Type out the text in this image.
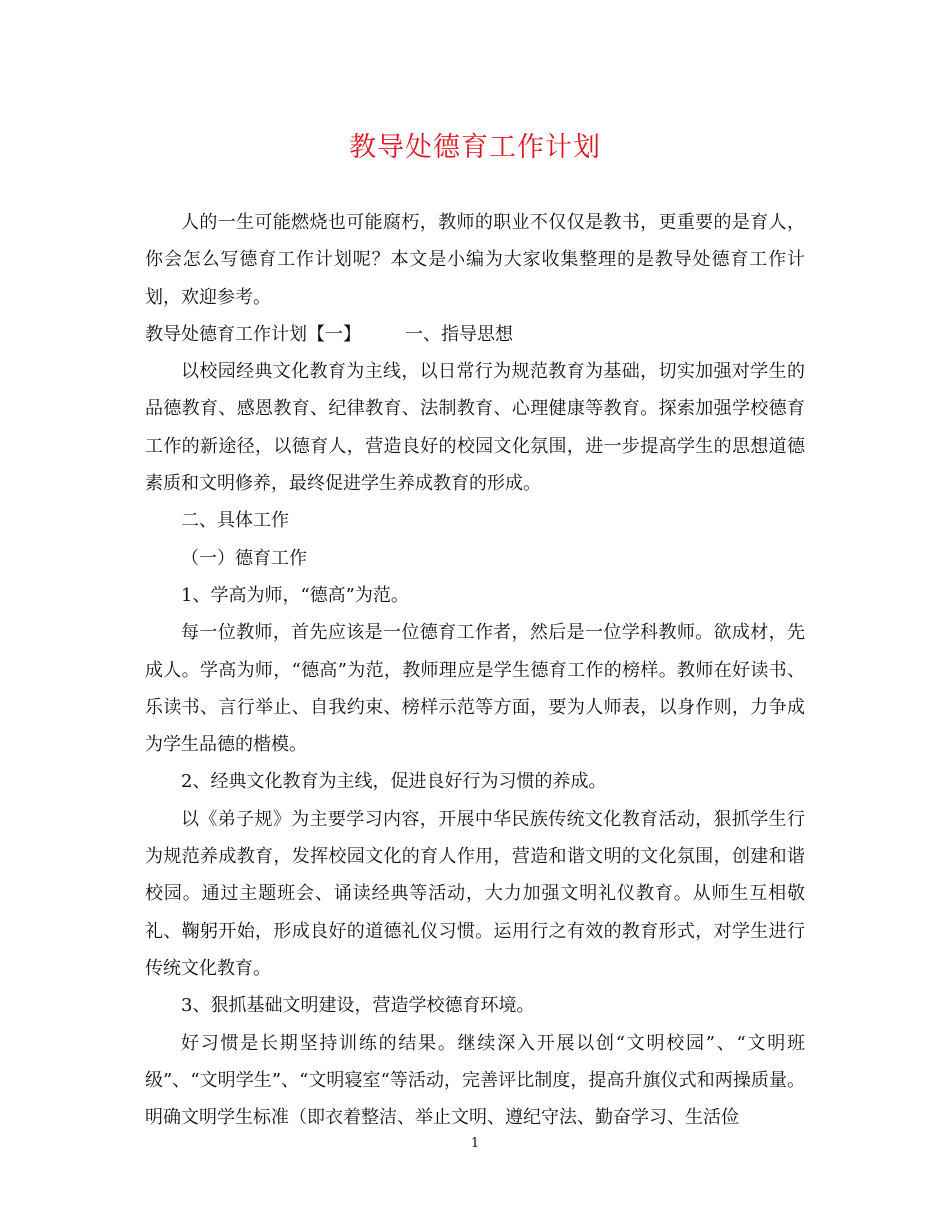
教导处德育工作计划

人的一生可能燃烧也可能腐朽，教师的职业不仅仅是教书，更重要的是育人，你会怎么写德育工作计划呢？本文是小编为大家收集整理的是教导处德育工作计划，欢迎参考。

教导处德育工作计划【一】 一、指导思想

以校园经典文化教育为主线，以日常行为规范教育为基础，切实加强对学生的品德教育、感恩教育、纪律教育、法制教育、心理健康等教育。探索加强学校德育工作的新途径，以德育人，营造良好的校园文化氛围，进一步提高学生的思想道德素质和文明修养，最终促进学生养成教育的形成。

二、具体工作

（一）德育工作

1、学高为师，“德高”为范。

每一位教师，首先应该是一位德育工作者，然后是一位学科教师。欲成材，先成人。学高为师，“德高”为范，教师理应是学生德育工作的榜样。教师在好读书、乐读书、言行举止、自我约束、榜样示范等方面，要为人师表，以身作则，力争成为学生品德的楷模。

2、经典文化教育为主线，促进良好行为习惯的养成。

以《弟子规》为主要学习内容，开展中华民族传统文化教育活动，狠抓学生行为规范养成教育，发挥校园文化的育人作用，营造和谐文明的文化氛围，创建和谐校园。通过主题班会、诵读经典等活动，大力加强文明礼仪教育。从师生互相敬礼、鞠躬开始，形成良好的道德礼仪习惯。运用行之有效的教育形式，对学生进行传统文化教育。

3、狠抓基础文明建设，营造学校德育环境。

好习惯是长期坚持训练的结果。继续深入开展以创“文明校园”、“文明班级”、“文明学生”、“文明寝室“等活动，完善评比制度，提高升旗仪式和两操质量。明确文明学生标准（即衣着整洁、举止文明、遵纪守法、勤奋学习、生活俭

1
